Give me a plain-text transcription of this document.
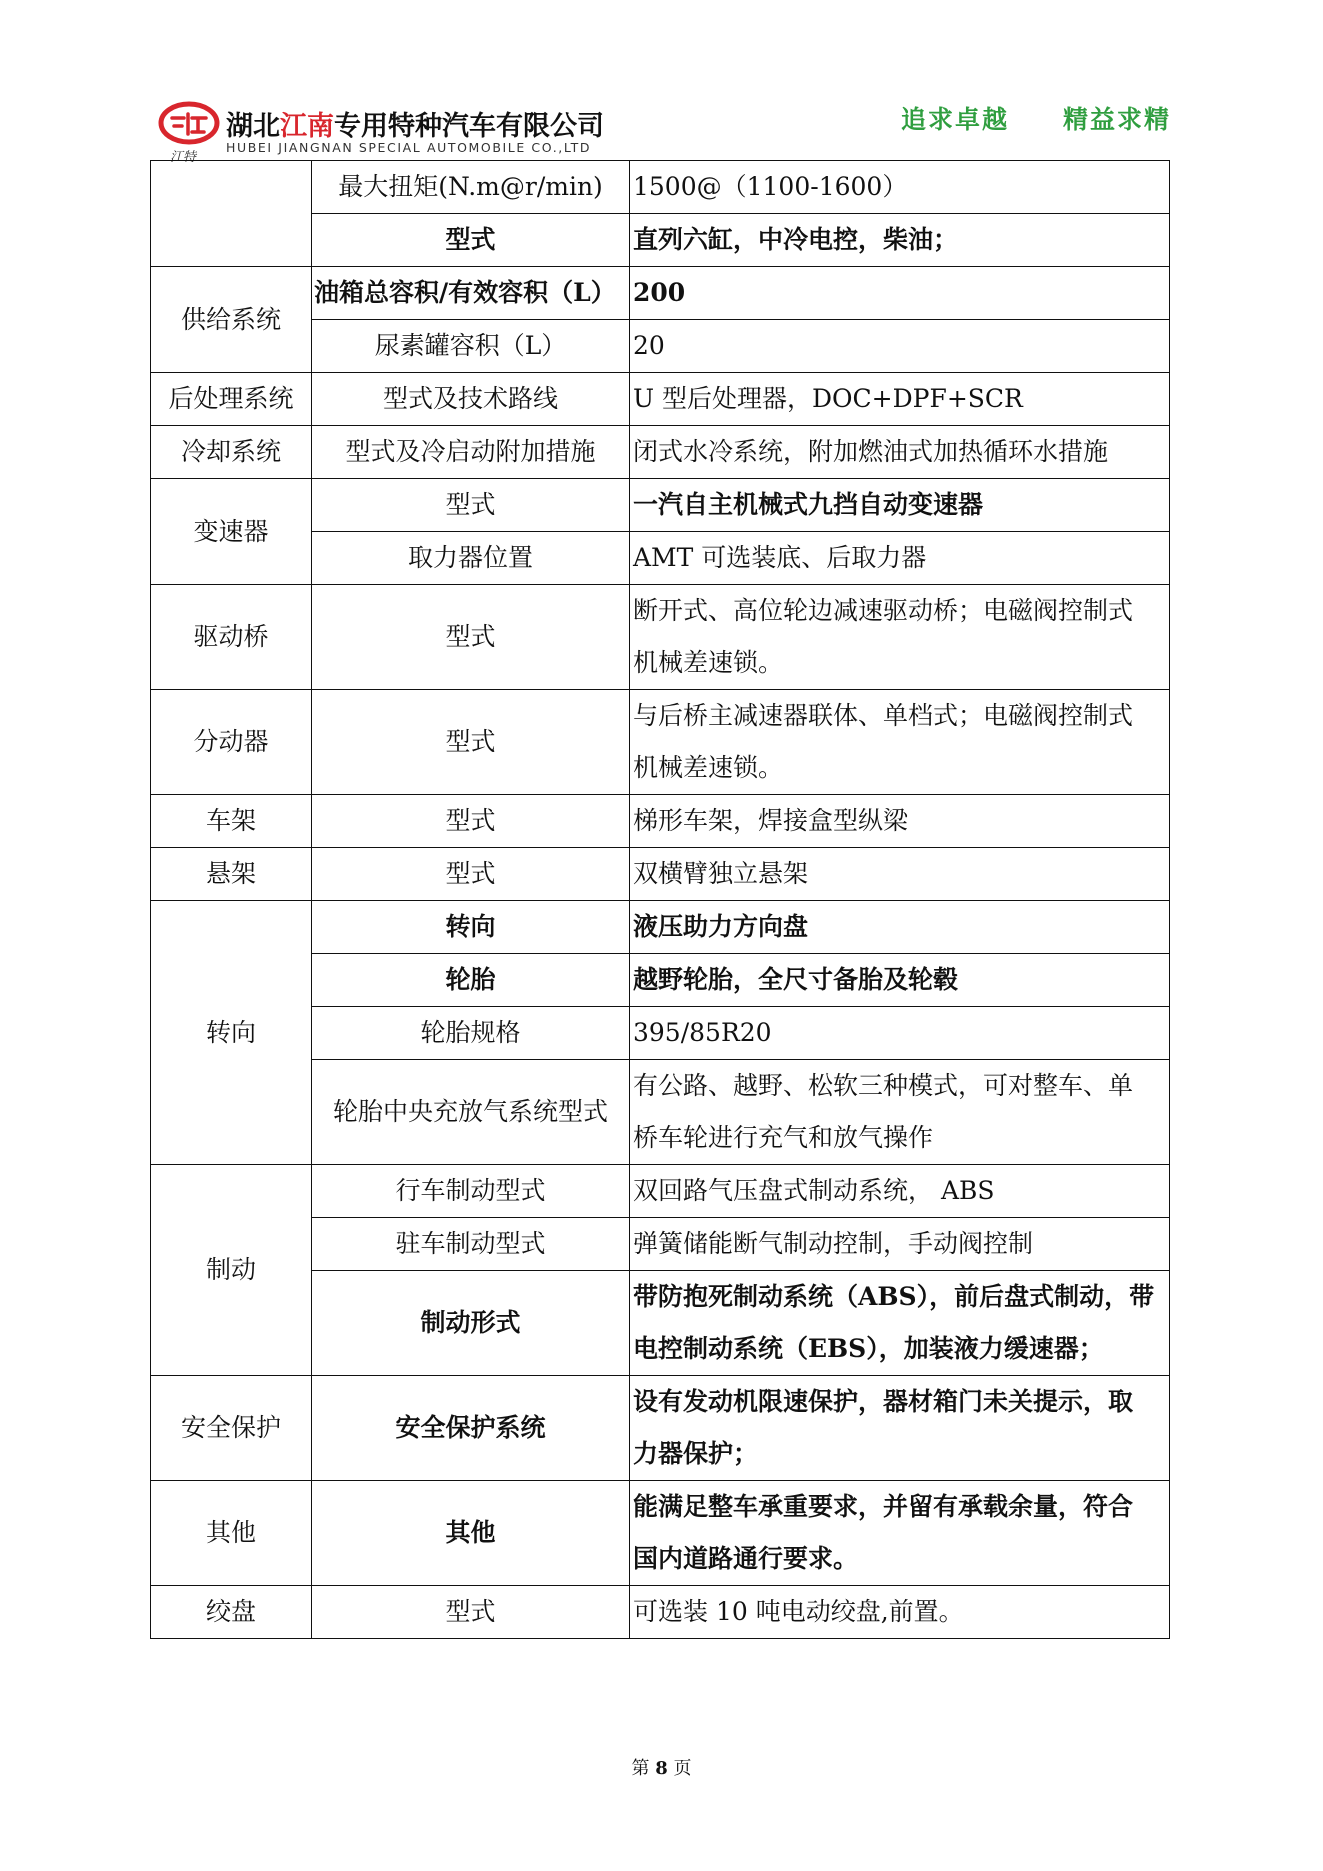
江特
湖北江南专用特种汽车有限公司
HUBEI JIANGNAN SPECIAL AUTOMOBILE CO.,LTD
追求卓越 精益求精
	最大扭矩(N.m@r/min)	1500@（1100-1600）
	型式	直列六缸，中冷电控，柴油；
供给系统	油箱总容积/有效容积（L）	200
	尿素罐容积（L）	20
后处理系统	型式及技术路线	U 型后处理器，DOC+DPF+SCR
冷却系统	型式及冷启动附加措施	闭式水冷系统，附加燃油式加热循环水措施
变速器	型式	一汽自主机械式九挡自动变速器
	取力器位置	AMT 可选装底、后取力器
驱动桥	型式	断开式、高位轮边减速驱动桥；电磁阀控制式
机械差速锁。

分动器	型式	与后桥主减速器联体、单档式；电磁阀控制式
机械差速锁。

车架	型式	梯形车架，焊接盒型纵梁
悬架	型式	双横臂独立悬架
转向	转向	液压助力方向盘
	轮胎	越野轮胎，全尺寸备胎及轮毂
	轮胎规格	395/85R20
	轮胎中央充放气系统型式	有公路、越野、松软三种模式，可对整车、单
桥车轮进行充气和放气操作

制动	行车制动型式	双回路气压盘式制动系统， ABS
	驻车制动型式	弹簧储能断气制动控制，手动阀控制
	制动形式	带防抱死制动系统（ABS），前后盘式制动，带
电控制动系统（EBS），加装液力缓速器；

安全保护	安全保护系统	设有发动机限速保护，器材箱门未关提示，取
力器保护；

其他	其他	能满足整车承重要求，并留有承载余量，符合
国内道路通行要求。

绞盘	型式	可选装 10 吨电动绞盘,前置。
第 8 页
